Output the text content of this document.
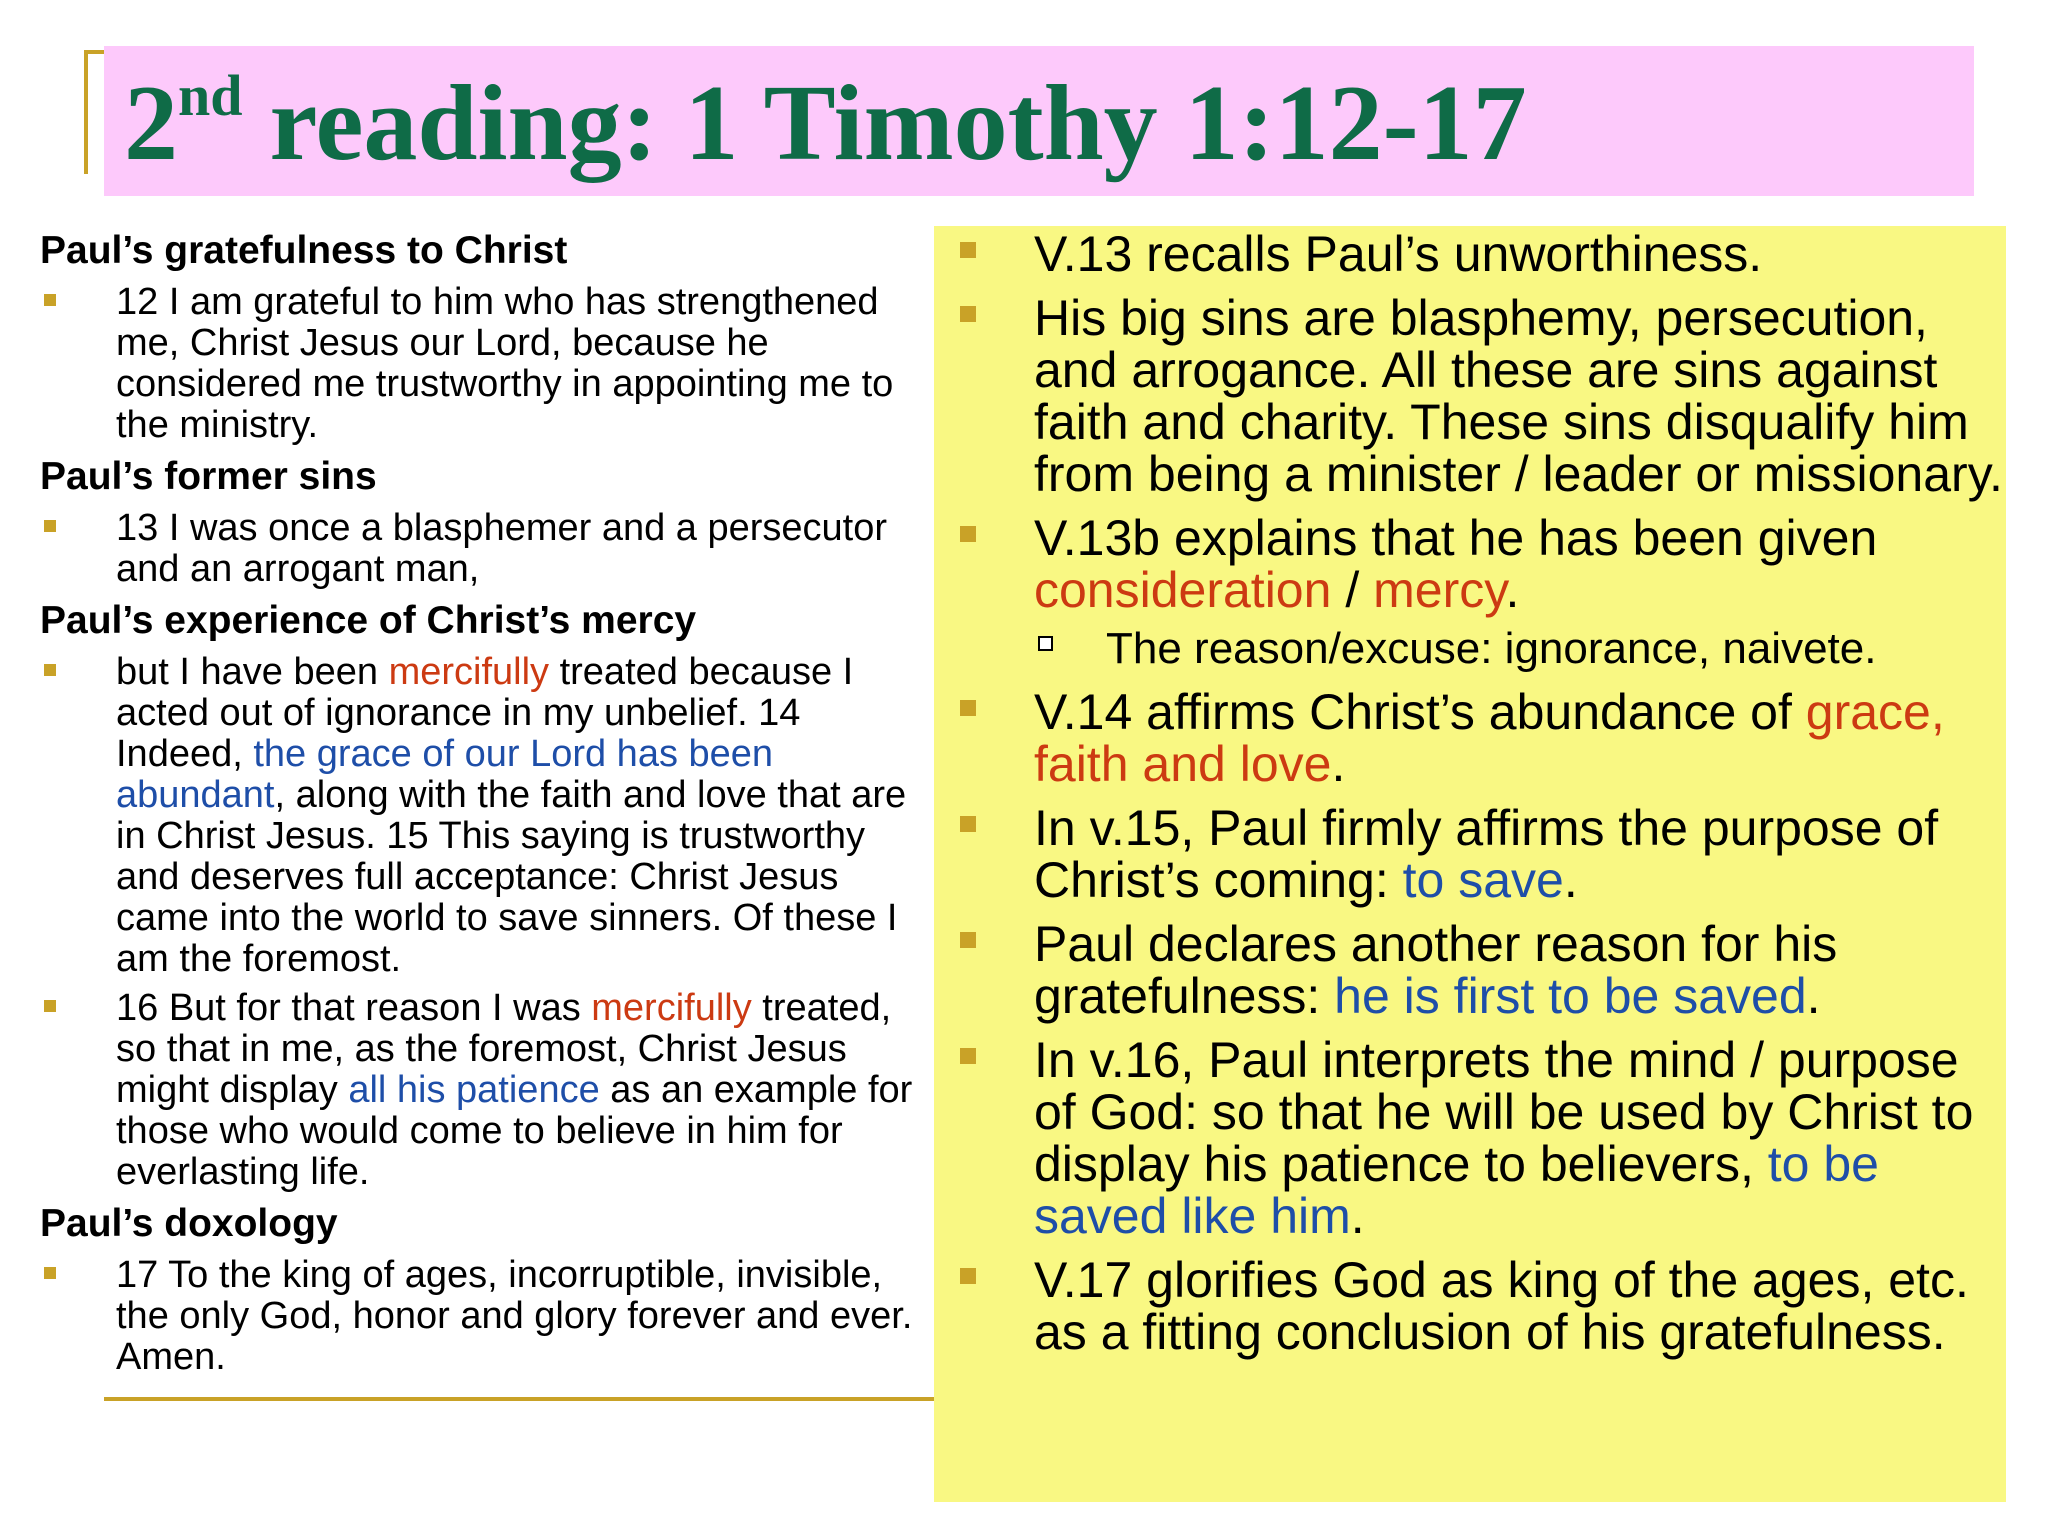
2nd reading: 1 Timothy 1:12-17

Paul’s gratefulness to Christ

12 I am grateful to him who has strengthened me, Christ Jesus our Lord, because he considered me trustworthy in appointing me to the ministry.

Paul’s former sins

13 I was once a blasphemer and a persecutor and an arrogant man,

Paul’s experience of Christ’s mercy

but I have been mercifully treated because I acted out of ignorance in my unbelief. 14 Indeed, the grace of our Lord has been abundant, along with the faith and love that are in Christ Jesus. 15 This saying is trustworthy and deserves full acceptance: Christ Jesus came into the world to save sinners. Of these I am the foremost.
16 But for that reason I was mercifully treated, so that in me, as the foremost, Christ Jesus might display all his patience as an example for those who would come to believe in him for everlasting life.

Paul’s doxology

17 To the king of ages, incorruptible, invisible, the only God, honor and glory forever and ever. Amen.
V.13 recalls Paul’s unworthiness.
His big sins are blasphemy, persecution, and arrogance. All these are sins against faith and charity. These sins disqualify him from being a minister / leader or missionary.
V.13b explains that he has been given consideration / mercy.
The reason/excuse: ignorance, naivete.
V.14 affirms Christ’s abundance of grace, faith and love.
In v.15, Paul firmly affirms the purpose of Christ’s coming: to save.
Paul declares another reason for his gratefulness: he is first to be saved.
In v.16, Paul interprets the mind / purpose of God: so that he will be used by Christ to display his patience to believers, to be saved like him.
V.17 glorifies God as king of the ages, etc. as a fitting conclusion of his gratefulness.
